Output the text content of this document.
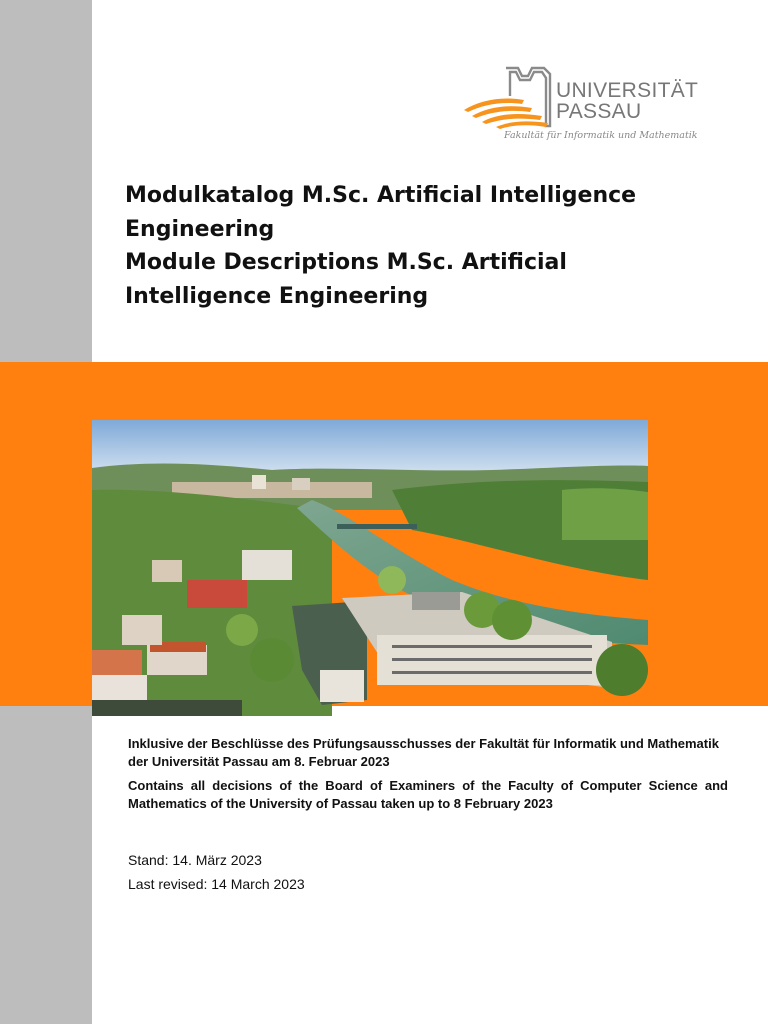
UNIVERSITÄT
PASSAU
Fakultät für Informatik und Mathematik
Modulkatalog M.Sc. Artificial Intelligence Engineering
Module Descriptions M.Sc. Artificial Intelligence Engineering

Inklusive der Beschlüsse des Prüfungsausschusses der Fakultät für Informatik und Mathematik der Universität Passau am 8. Februar 2023

Contains all decisions of the Board of Examiners of the Faculty of Computer Science and Mathematics of the University of Passau taken up to 8 February 2023

Stand: 14. März 2023

Last revised: 14 March 2023
